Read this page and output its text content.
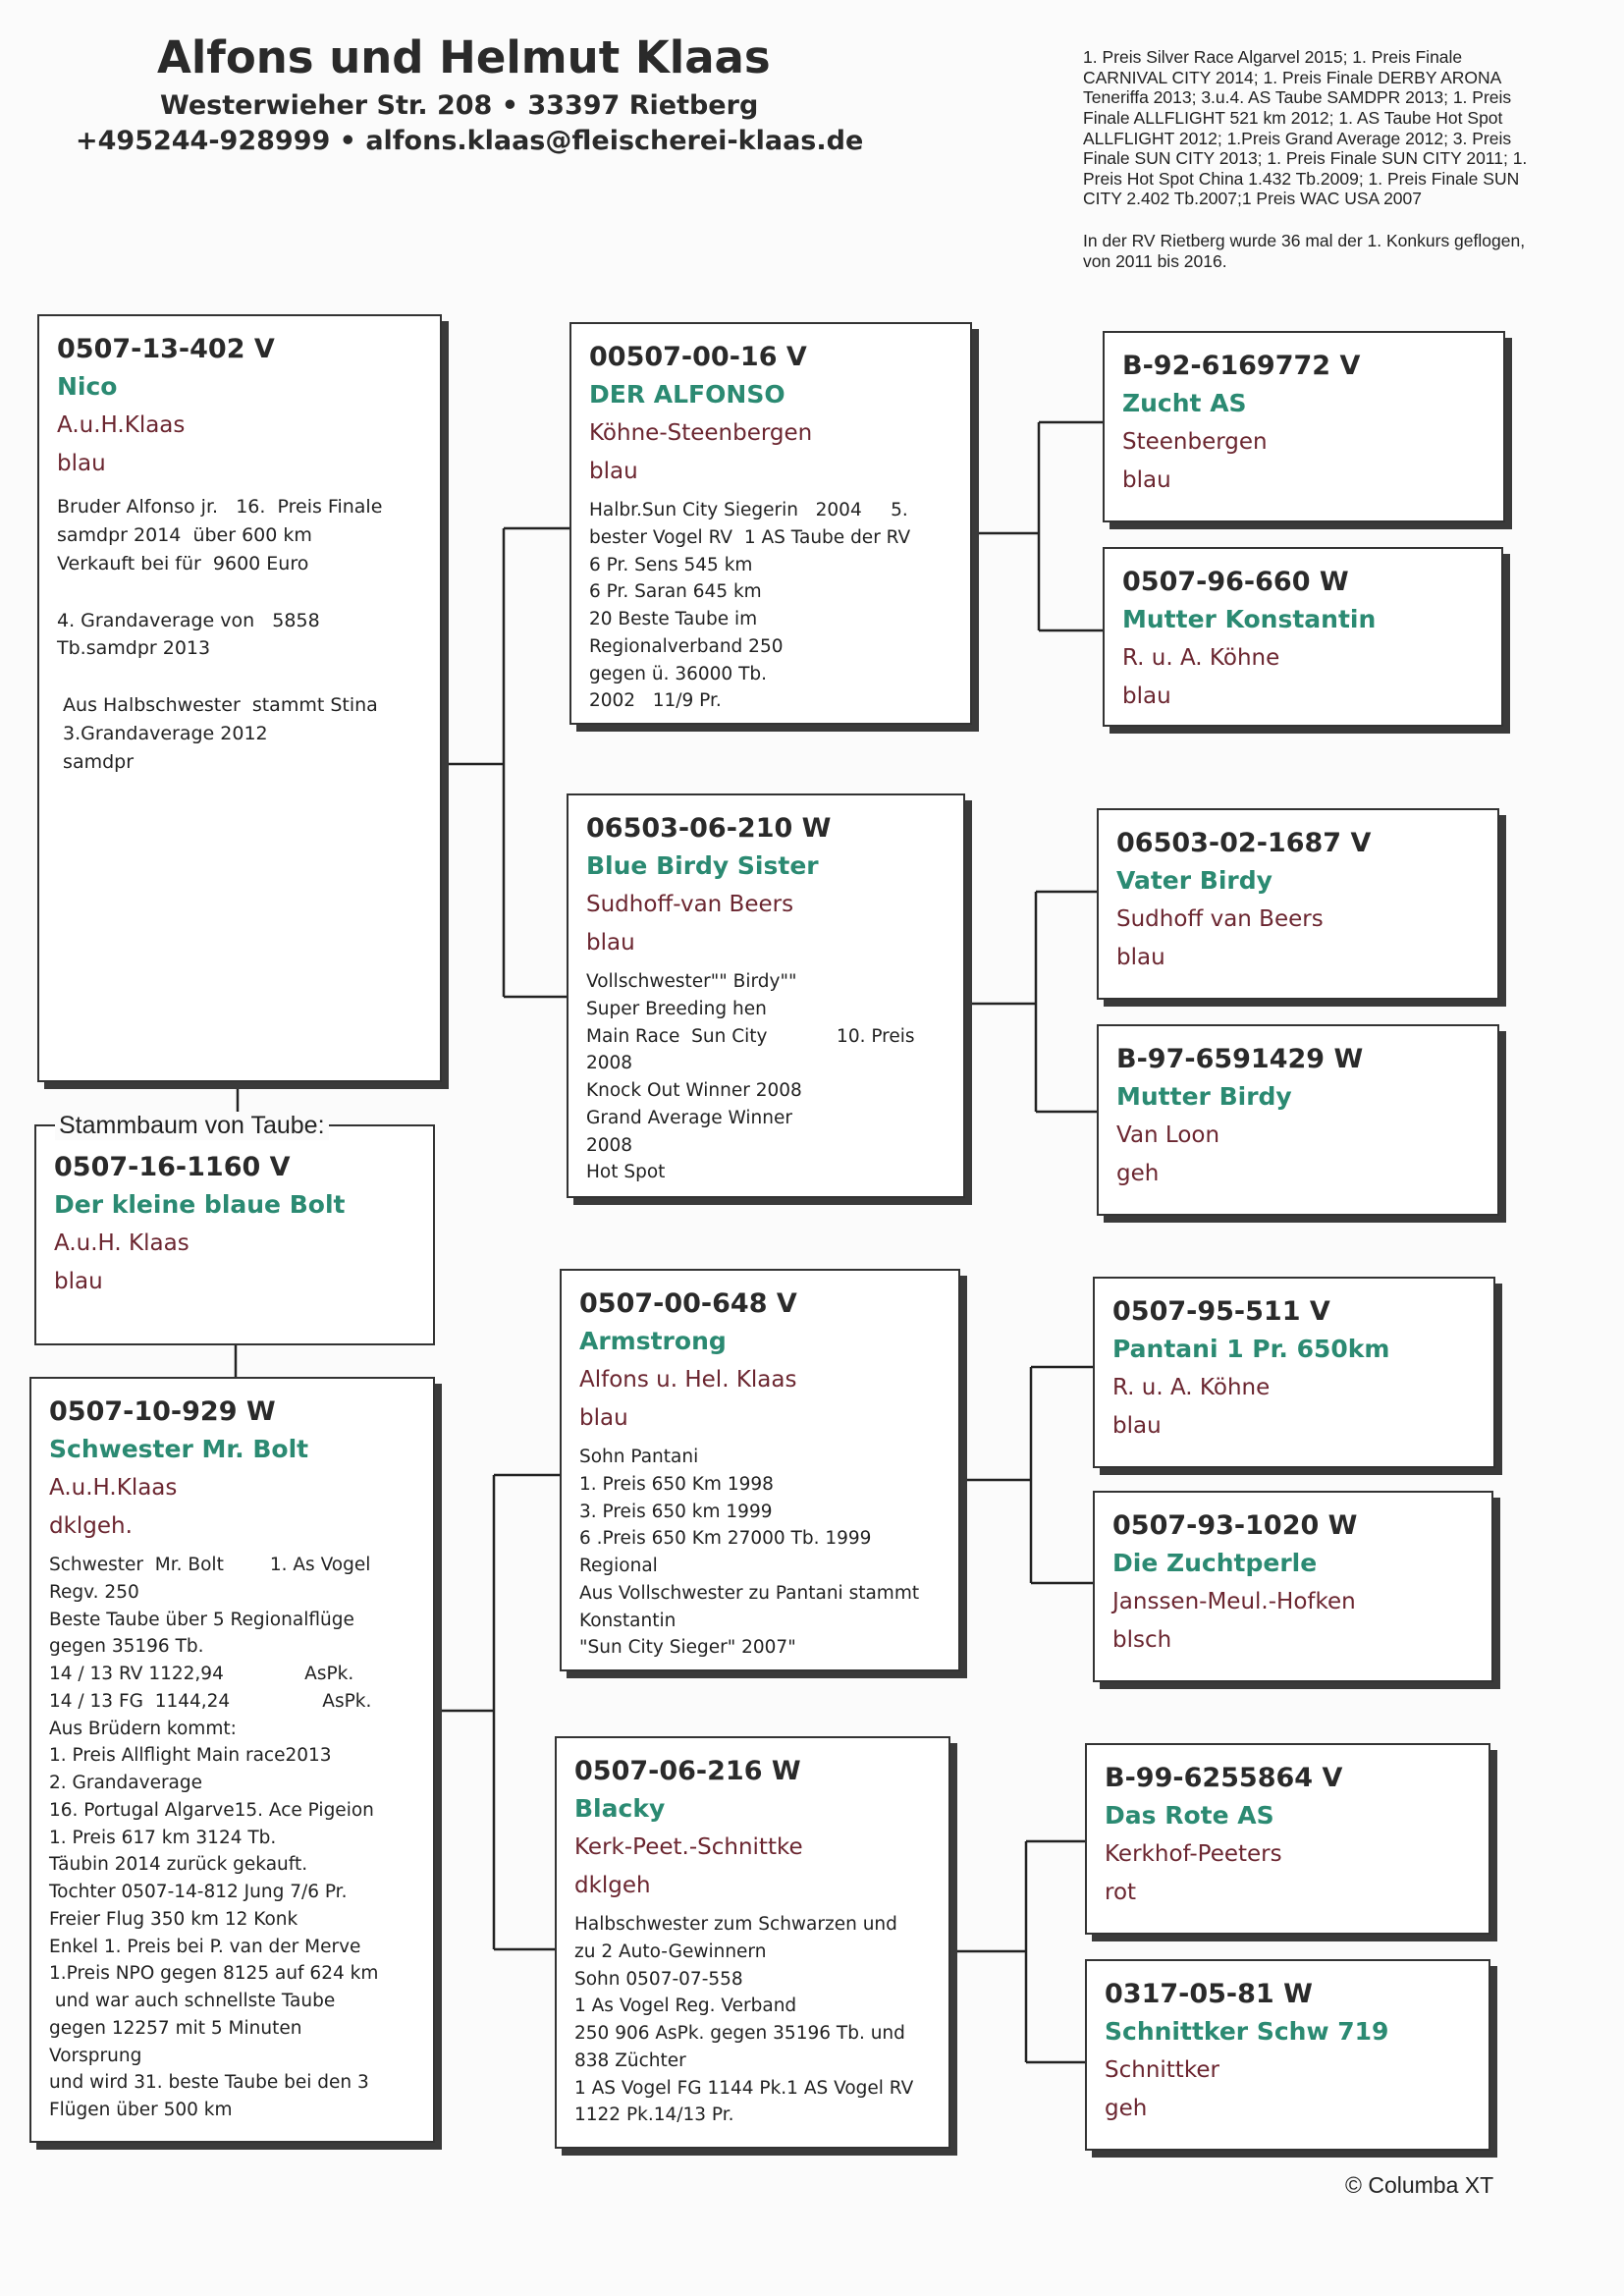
Alfons und Helmut Klaas
Westerwieher Str. 208 • 33397 Rietberg
+495244-928999 • alfons.klaas@fleischerei-klaas.de

1. Preis Silver Race Algarvel 2015; 1. Preis Finale CARNIVAL CITY 2014; 1. Preis Finale DERBY ARONA Teneriffa 2013; 3.u.4. AS Taube SAMDPR 2013; 1. Preis Finale ALLFLIGHT 521 km 2012; 1. AS Taube Hot Spot ALLFLIGHT 2012; 1.Preis Grand Average 2012; 3. Preis Finale SUN CITY 2013; 1. Preis Finale SUN CITY 2011; 1. Preis Hot Spot China 1.432 Tb.2009; 1. Preis Finale SUN CITY 2.402 Tb.2007;1 Preis WAC USA 2007

In der RV Rietberg wurde 36 mal der 1. Konkurs geflogen, von 2011 bis 2016.

0507-13-402 V
Nico
A.u.H.Klaas
blau
Bruder Alfonso jr.   16.  Preis Finale
samdpr 2014  über 600 km
Verkauft bei für  9600 Euro

4. Grandaverage von   5858
Tb.samdpr 2013

Aus Halbschwester  stammt Stina
3.Grandaverage 2012
samdpr
0507-16-1160 V
Der kleine blaue Bolt
A.u.H. Klaas
blau
Stammbaum von Taube:
0507-10-929 W
Schwester Mr. Bolt
A.u.H.Klaas
dklgeh.
Schwester  Mr. Bolt        1. As Vogel
Regv. 250
Beste Taube über 5 Regionalflüge
gegen 35196 Tb.
14 / 13 RV 1122,94              AsPk.
14 / 13 FG  1144,24                AsPk.
Aus Brüdern kommt:
1. Preis Allflight Main race2013
2. Grandaverage
16. Portugal Algarve15. Ace Pigeion
1. Preis 617 km 3124 Tb.
Täubin 2014 zurück gekauft.
Tochter 0507-14-812 Jung 7/6 Pr.
Freier Flug 350 km 12 Konk
Enkel 1. Preis bei P. van der Merve
1.Preis NPO gegen 8125 auf 624 km
und war auch schnellste Taube
gegen 12257 mit 5 Minuten
Vorsprung
und wird 31. beste Taube bei den 3
Flügen über 500 km
00507-00-16 V
DER ALFONSO
Köhne-Steenbergen
blau
Halbr.Sun City Siegerin   2004     5.
bester Vogel RV  1 AS Taube der RV
6 Pr. Sens 545 km
6 Pr. Saran 645 km
20 Beste Taube im
Regionalverband 250
gegen ü. 36000 Tb.
2002   11/9 Pr.
06503-06-210 W
Blue Birdy Sister
Sudhoff-van Beers
blau
Vollschwester"" Birdy""
Super Breeding hen
Main Race  Sun City            10. Preis
2008
Knock Out Winner 2008
Grand Average Winner
2008
Hot Spot
0507-00-648 V
Armstrong
Alfons u. Hel. Klaas
blau
Sohn Pantani
1. Preis 650 Km 1998
3. Preis 650 km 1999
6 .Preis 650 Km 27000 Tb. 1999
Regional
Aus Vollschwester zu Pantani stammt
Konstantin
"Sun City Sieger" 2007"
0507-06-216 W
Blacky
Kerk-Peet.-Schnittke
dklgeh
Halbschwester zum Schwarzen und
zu 2 Auto-Gewinnern
Sohn 0507-07-558
1 As Vogel Reg. Verband
250 906 AsPk. gegen 35196 Tb. und
838 Züchter
1 AS Vogel FG 1144 Pk.1 AS Vogel RV
1122 Pk.14/13 Pr.
B-92-6169772 V
Zucht AS
Steenbergen
blau
0507-96-660 W
Mutter Konstantin
R. u. A. Köhne
blau
06503-02-1687 V
Vater Birdy
Sudhoff van Beers
blau
B-97-6591429 W
Mutter Birdy
Van Loon
geh
0507-95-511 V
Pantani 1 Pr. 650km
R. u. A. Köhne
blau
0507-93-1020 W
Die Zuchtperle
Janssen-Meul.-Hofken
blsch
B-99-6255864 V
Das Rote AS
Kerkhof-Peeters
rot
0317-05-81 W
Schnittker Schw 719
Schnittker
geh
© Columba XT
